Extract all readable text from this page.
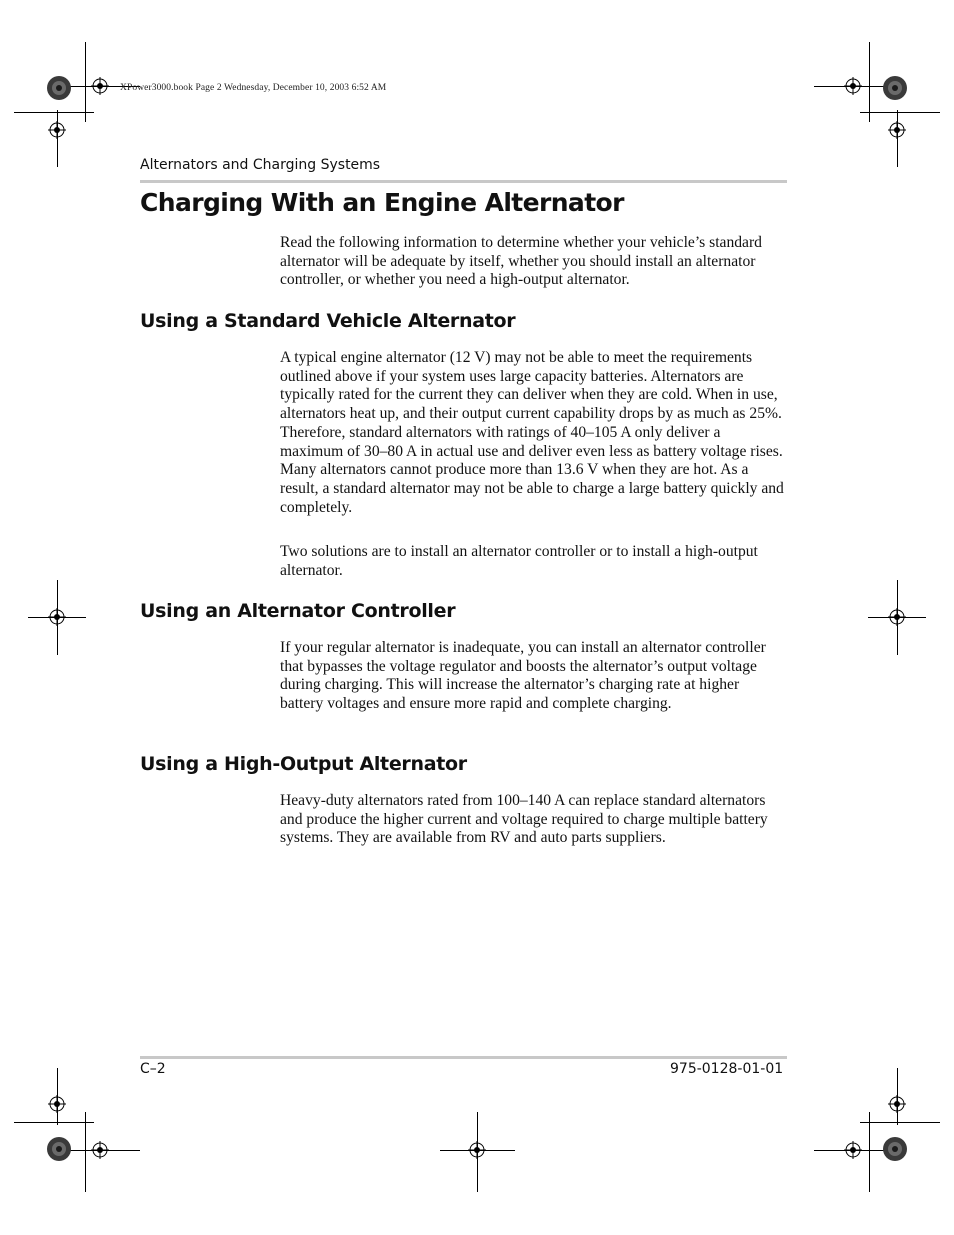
XPower3000.book Page 2 Wednesday, December 10, 2003 6:52 AM
Alternators and Charging Systems
Charging With an Engine Alternator
Read the following information to determine whether your vehicle’s standard alternator will be adequate by itself, whether you should install an alternator controller, or whether you need a high-output alternator.
Using a Standard Vehicle Alternator
A typical engine alternator (12 V) may not be able to meet the requirements outlined above if your system uses large capacity batteries. Alternators are typically rated for the current they can deliver when they are cold. When in use, alternators heat up, and their output current capability drops by as much as 25%. Therefore, standard alternators with ratings of 40–105 A only deliver a maximum of 30–80 A in actual use and deliver even less as battery voltage rises. Many alternators cannot produce more than 13.6 V when they are hot. As a result, a standard alternator may not be able to charge a large battery quickly and completely.
Two solutions are to install an alternator controller or to install a high-output alternator.
Using an Alternator Controller
If your regular alternator is inadequate, you can install an alternator controller that bypasses the voltage regulator and boosts the alternator’s output voltage during charging. This will increase the alternator’s charging rate at higher battery voltages and ensure more rapid and complete charging.
Using a High-Output Alternator
Heavy-duty alternators rated from 100–140 A can replace standard alternators and produce the higher current and voltage required to charge multiple battery systems. They are available from RV and auto parts suppliers.
C–2	975-0128-01-01
